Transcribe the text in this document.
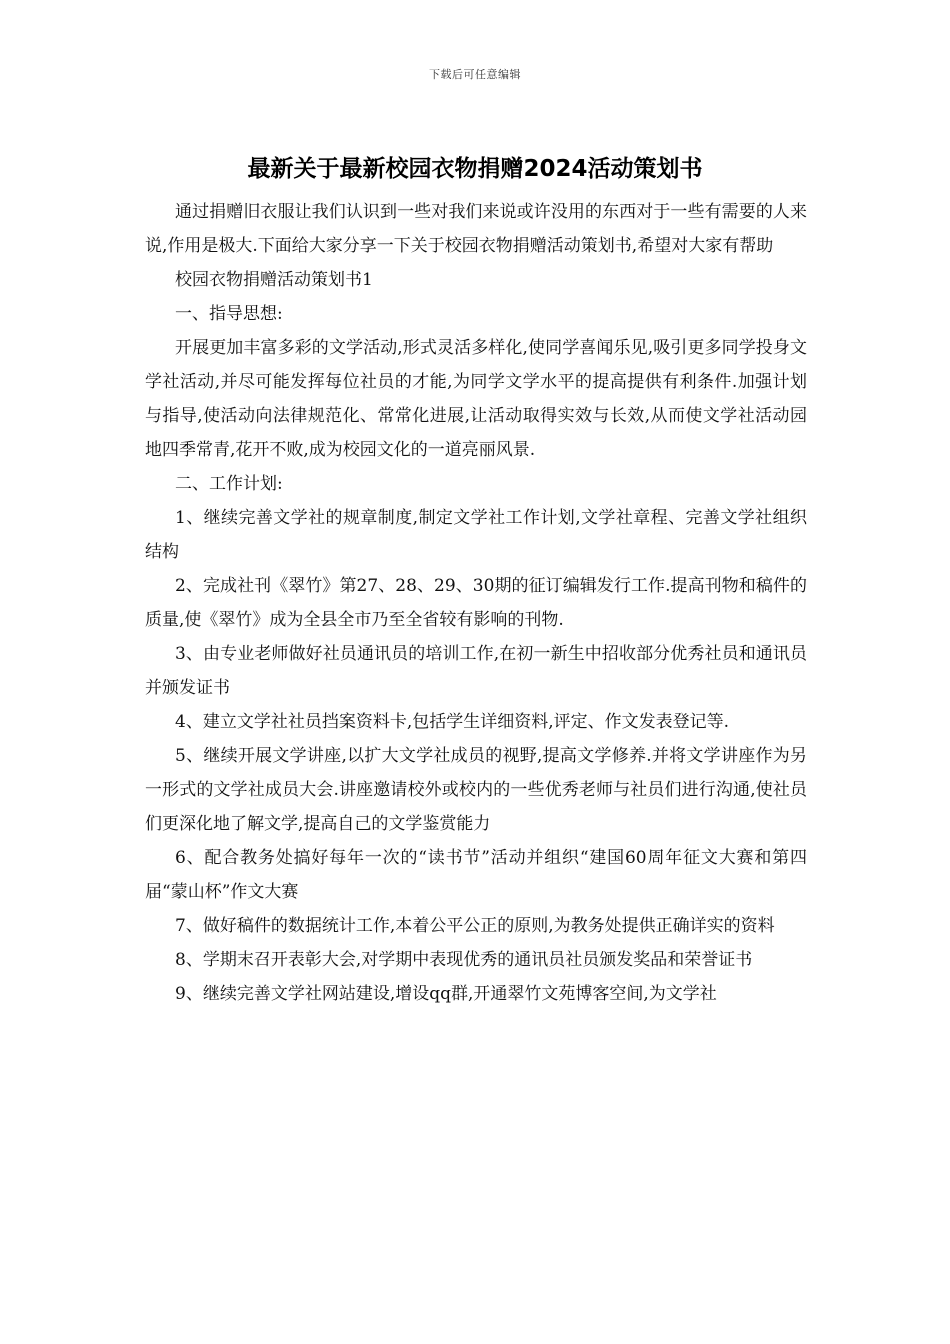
下载后可任意编辑
最新关于最新校园衣物捐赠2024活动策划书

通过捐赠旧衣服让我们认识到一些对我们来说或许没用的东西对于一些有需要的人来说,作用是极大.下面给大家分享一下关于校园衣物捐赠活动策划书,希望对大家有帮助

校园衣物捐赠活动策划书1

一、指导思想:

开展更加丰富多彩的文学活动,形式灵活多样化,使同学喜闻乐见,吸引更多同学投身文学社活动,并尽可能发挥每位社员的才能,为同学文学水平的提高提供有利条件.加强计划与指导,使活动向法律规范化、常常化进展,让活动取得实效与长效,从而使文学社活动园地四季常青,花开不败,成为校园文化的一道亮丽风景.

二、工作计划:

1、继续完善文学社的规章制度,制定文学社工作计划,文学社章程、完善文学社组织结构

2、完成社刊《翠竹》第27、28、29、30期的征订编辑发行工作.提高刊物和稿件的质量,使《翠竹》成为全县全市乃至全省较有影响的刊物.

3、由专业老师做好社员通讯员的培训工作,在初一新生中招收部分优秀社员和通讯员并颁发证书

4、建立文学社社员挡案资料卡,包括学生详细资料,评定、作文发表登记等.

5、继续开展文学讲座,以扩大文学社成员的视野,提高文学修养.并将文学讲座作为另一形式的文学社成员大会.讲座邀请校外或校内的一些优秀老师与社员们进行沟通,使社员们更深化地了解文学,提高自己的文学鉴赏能力

6、配合教务处搞好每年一次的“读书节”活动并组织“建国60周年征文大赛和第四届“蒙山杯”作文大赛

7、做好稿件的数据统计工作,本着公平公正的原则,为教务处提供正确详实的资料

8、学期末召开表彰大会,对学期中表现优秀的通讯员社员颁发奖品和荣誉证书

9、继续完善文学社网站建设,增设qq群,开通翠竹文苑博客空间,为文学社
